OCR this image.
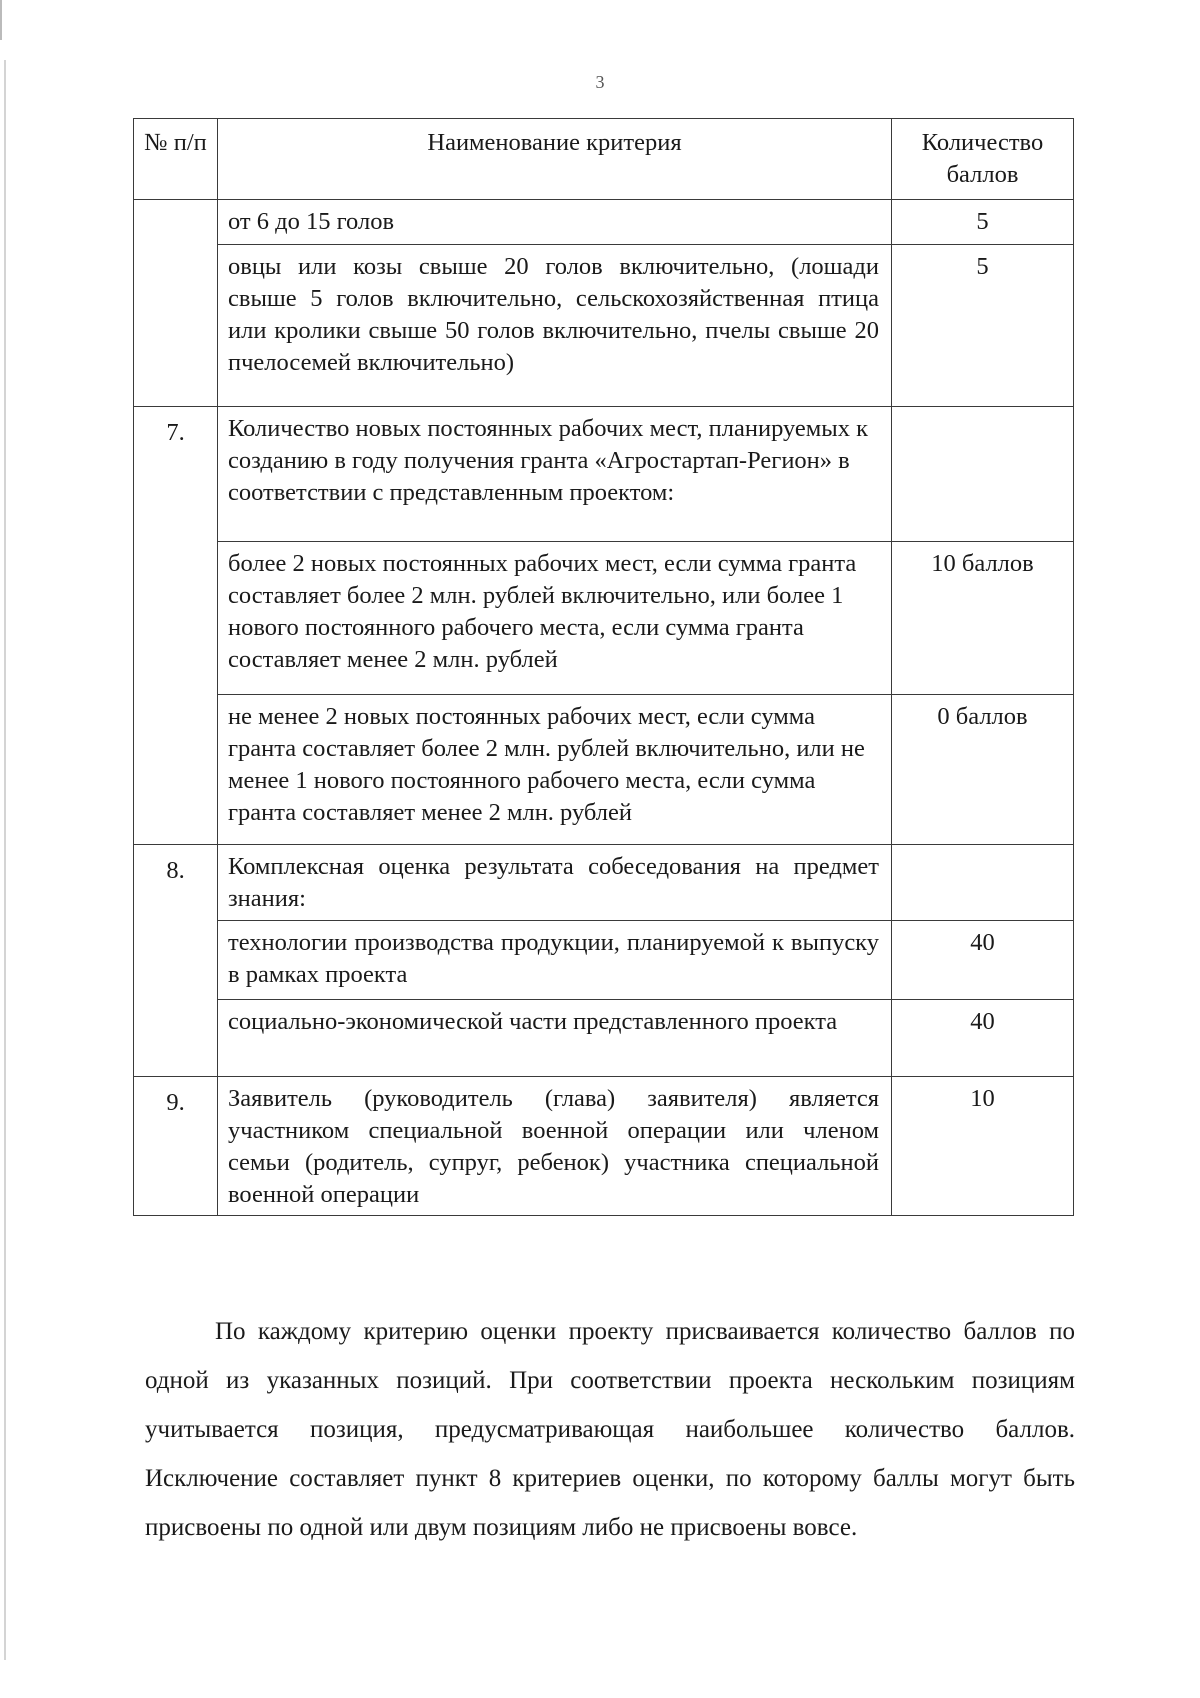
3
№ п/п	Наименование критерия	Количество баллов
	от 6 до 15 голов	5
	овцы или козы свыше 20 голов включительно, (лошади свыше 5 голов включительно, сельскохозяйственная птица или кролики свыше 50 голов включительно, пчелы свыше 20 пчелосемей включительно)	5
7.	Количество новых постоянных рабочих мест, планируемых к созданию в году получения гранта «Агростартап-Регион» в соответствии с представленным проектом:	
	более 2 новых постоянных рабочих мест, если сумма гранта составляет более 2 млн. рублей включительно, или более 1 нового постоянного рабочего места, если сумма гранта составляет менее 2 млн. рублей	10 баллов
	не менее 2 новых постоянных рабочих мест, если сумма гранта составляет более 2 млн. рублей включительно, или не менее 1 нового постоянного рабочего места, если сумма гранта составляет менее 2 млн. рублей	0 баллов
8.	Комплексная оценка результата собеседования на предмет знания:	
	технологии производства продукции, планируемой к выпуску в рамках проекта	40
	социально-экономической части представленного проекта	40
9.	Заявитель (руководитель (глава) заявителя) является участником специальной военной операции или членом семьи (родитель, супруг, ребенок) участника специальной военной операции	10

По каждому критерию оценки проекту присваивается количество баллов по одной из указанных позиций. При соответствии проекта нескольким позициям учитывается позиция, предусматривающая наибольшее количество баллов. Исключение составляет пункт 8 критериев оценки, по которому баллы могут быть присвоены по одной или двум позициям либо не присвоены вовсе.
